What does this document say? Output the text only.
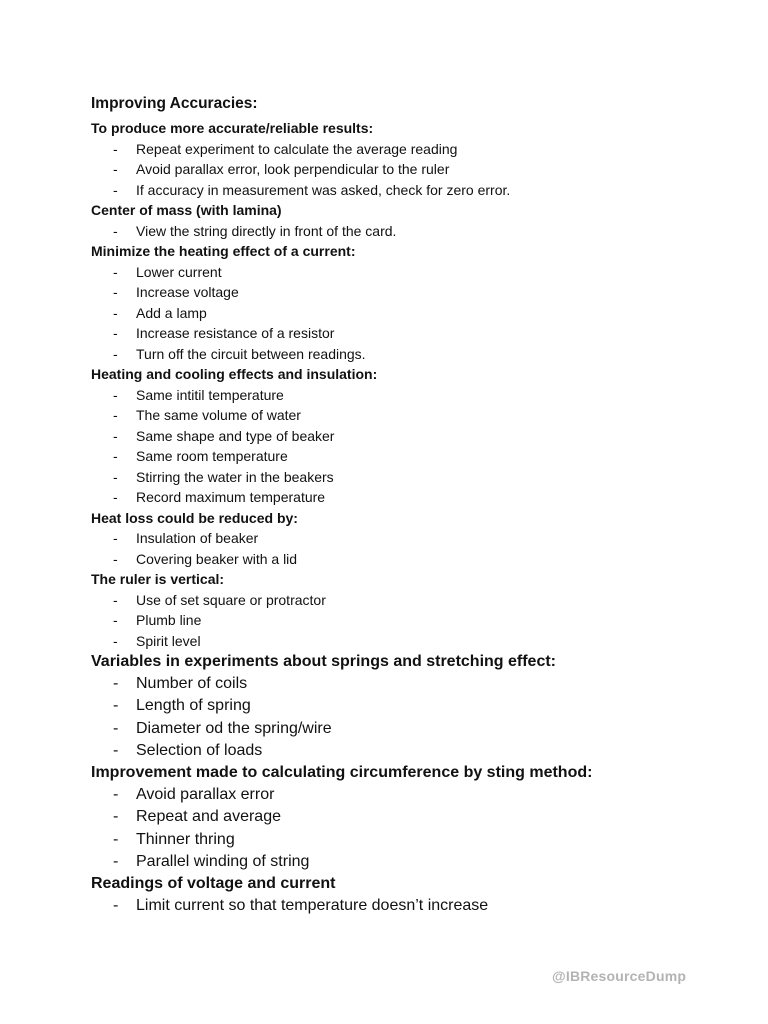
Improving Accuracies:
To produce more accurate/reliable results:
- Repeat experiment to calculate the average reading
- Avoid parallax error, look perpendicular to the ruler
- If accuracy in measurement was asked, check for zero error.
Center of mass (with lamina)
- View the string directly in front of the card.
Minimize the heating effect of a current:
- Lower current
- Increase voltage
- Add a lamp
- Increase resistance of a resistor
- Turn off the circuit between readings.
Heating and cooling effects and insulation:
- Same intitil temperature
- The same volume of water
- Same shape and type of beaker
- Same room temperature
- Stirring the water in the beakers
- Record maximum temperature
Heat loss could be reduced by:
- Insulation of beaker
- Covering beaker with a lid
The ruler is vertical:
- Use of set square or protractor
- Plumb line
- Spirit level
Variables in experiments about springs and stretching effect:
- Number of coils
- Length of spring
- Diameter od the spring/wire
- Selection of loads
Improvement made to calculating circumference by sting method:
- Avoid parallax error
- Repeat and average
- Thinner thring
- Parallel winding of string
Readings of voltage and current
- Limit current so that temperature doesn’t increase
@IBResourceDump
